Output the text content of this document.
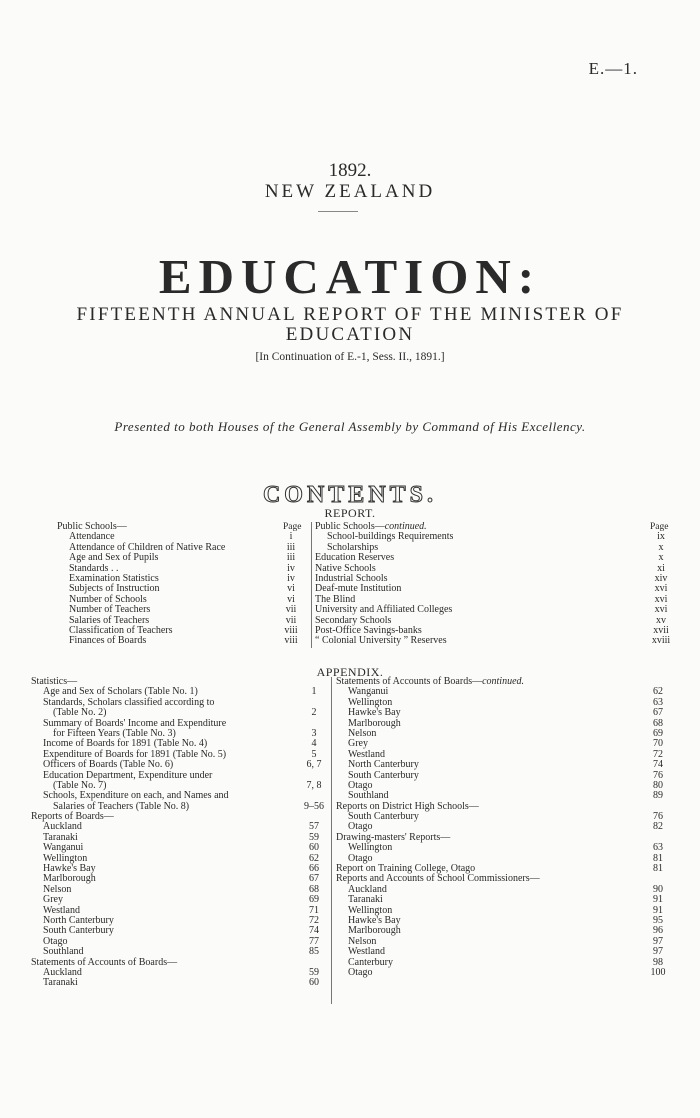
E.—1.
1892.
NEW ZEALAND
EDUCATION:
FIFTEENTH ANNUAL REPORT OF THE MINISTER OF
EDUCATION
[In Continuation of E.-1, Sess. II., 1891.]
Presented to both Houses of the General Assembly by Command of His Excellency.
CONTENTS.
REPORT.
Page	Page
Public Schools—
Attendance	i
Attendance of Children of Native Race	iii
Age and Sex of Pupils	iii
Standards . .	iv
Examination Statistics	iv
Subjects of Instruction	vi
Number of Schools	vi
Number of Teachers	vii
Salaries of Teachers	vii
Classification of Teachers	viii
Finances of Boards	viii
Public Schools—continued.
School-buildings Requirements	ix
Scholarships	x
Education Reserves	x
Native Schools	xi
Industrial Schools	xiv
Deaf-mute Institution	xvi
The Blind	xvi
University and Affiliated Colleges	xvi
Secondary Schools	xv
Post-Office Savings-banks	xvii
“ Colonial University ” Reserves	xviii
APPENDIX.
Statistics—
Age and Sex of Scholars (Table No. 1)	1
Standards, Scholars classified according to
(Table No. 2)	2
Summary of Boards' Income and Expenditure
for Fifteen Years (Table No. 3)	3
Income of Boards for 1891 (Table No. 4)	4
Expenditure of Boards for 1891 (Table No. 5)	5
Officers of Boards (Table No. 6)	6, 7
Education Department, Expenditure under
(Table No. 7)	7, 8
Schools, Expenditure on each, and Names and
Salaries of Teachers (Table No. 8)	9–56
Reports of Boards—
Auckland	57
Taranaki	59
Wanganui	60
Wellington	62
Hawke's Bay	66
Marlborough	67
Nelson	68
Grey	69
Westland	71
North Canterbury	72
South Canterbury	74
Otago	77
Southland	85
Statements of Accounts of Boards—
Auckland	59
Taranaki	60
Statements of Accounts of Boards—continued.
Wanganui	62
Wellington	63
Hawke's Bay	67
Marlborough	68
Nelson	69
Grey	70
Westland	72
North Canterbury	74
South Canterbury	76
Otago	80
Southland	89
Reports on District High Schools—
South Canterbury	76
Otago	82
Drawing-masters' Reports—
Wellington	63
Otago	81
Report on Training College, Otago	81
Reports and Accounts of School Commissioners—
Auckland	90
Taranaki	91
Wellington	91
Hawke's Bay	95
Marlborough	96
Nelson	97
Westland	97
Canterbury	98
Otago	100
